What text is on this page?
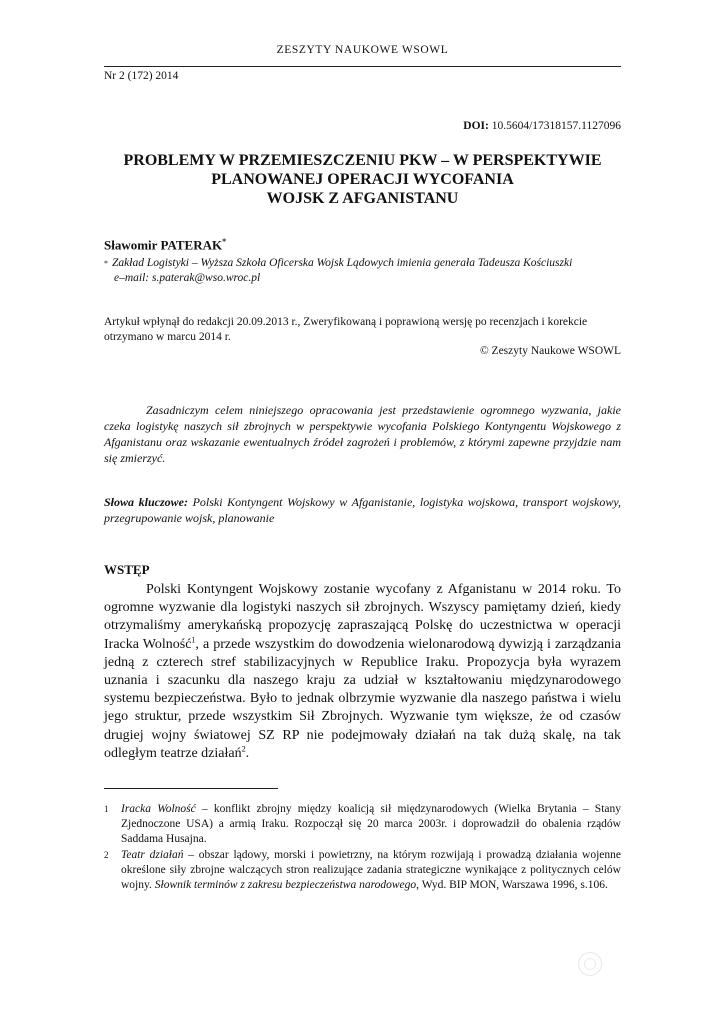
ZESZYTY NAUKOWE WSOWL
Nr 2 (172) 2014
DOI: 10.5604/17318157.1127096
PROBLEMY W PRZEMIESZCZENIU PKW – W PERSPEKTYWIE
PLANOWANEJ OPERACJI WYCOFANIA
WOJSK Z AFGANISTANU
Sławomir PATERAK*
* Zakład Logistyki – Wyższa Szkoła Oficerska Wojsk Lądowych imienia generała Tadeusza Kościuszki
e–mail: s.paterak@wso.wroc.pl
Artykuł wpłynął do redakcji 20.09.2013 r., Zweryfikowaną i poprawioną wersję po recenzjach i korekcie otrzymano w marcu 2014 r.
© Zeszyty Naukowe WSOWL
Zasadniczym celem niniejszego opracowania jest przedstawienie ogromnego wyzwania, jakie czeka logistykę naszych sił zbrojnych w perspektywie wycofania Polskiego Kontyngentu Wojskowego z Afganistanu oraz wskazanie ewentualnych źródeł zagrożeń i problemów, z którymi zapewne przyjdzie nam się zmierzyć.
Słowa kluczowe: Polski Kontyngent Wojskowy w Afganistanie, logistyka wojskowa, transport wojskowy, przegrupowanie wojsk, planowanie
WSTĘP
Polski Kontyngent Wojskowy zostanie wycofany z Afganistanu w 2014 roku. To ogromne wyzwanie dla logistyki naszych sił zbrojnych. Wszyscy pamiętamy dzień, kiedy otrzymaliśmy amerykańską propozycję zapraszającą Polskę do uczestnictwa w operacji Iracka Wolność$^1$, a przede wszystkim do dowodzenia wielonarodową dywizją i zarządzania jedną z czterech stref stabilizacyjnych w Republice Iraku. Propozycja była wyrazem uznania i szacunku dla naszego kraju za udział w kształtowaniu międzynarodowego systemu bezpieczeństwa. Było to jednak olbrzymie wyzwanie dla naszego państwa i wielu jego struktur, przede wszystkim Sił Zbrojnych. Wyzwanie tym większe, że od czasów drugiej wojny światowej SZ RP nie podejmowały działań na tak dużą skalę, na tak odległym teatrze działań$^2$.
1 Iracka Wolność – konflikt zbrojny między koalicją sił międzynarodowych (Wielka Brytania – Stany Zjednoczone USA) a armią Iraku. Rozpoczął się 20 marca 2003r. i doprowadził do obalenia rządów Saddama Husajna.
2 Teatr działań – obszar lądowy, morski i powietrzny, na którym rozwijają i prowadzą działania wojenne określone siły zbrojne walczących stron realizujące zadania strategiczne wynikające z politycznych celów wojny. Słownik terminów z zakresu bezpieczeństwa narodowego, Wyd. BIP MON, Warszawa 1996, s.106.
